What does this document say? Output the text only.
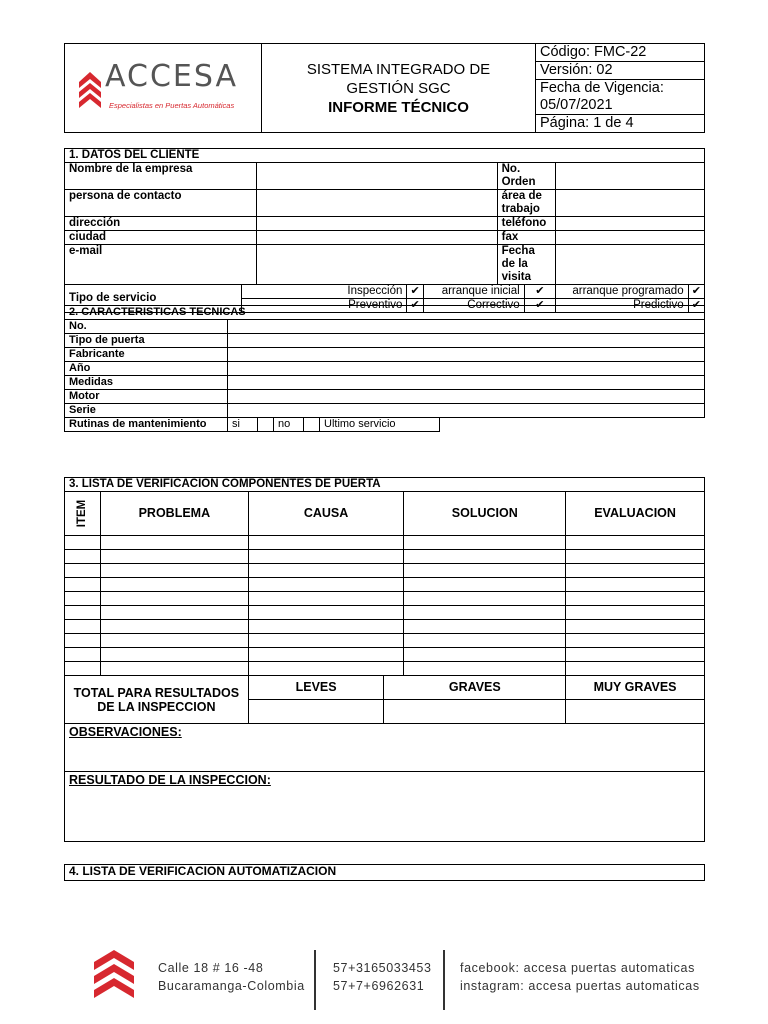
ACCESA
Especialistas en Puertas Automáticas

SISTEMA INTEGRADO DE
GESTIÓN SGC
INFORME TÉCNICO

Código: FMC-22
Versión: 02
Fecha de Vigencia:
05/07/2021
Página: 1 de 4
1. DATOS DEL CLIENTE								
Nombre de la empresa					No. Orden			
persona de contacto					área de trabajo			
dirección					teléfono			
ciudad					fax			
e-mail					Fecha de la visita			
Tipo de servicio	Inspección		✔	arranque inicial		✔	arranque programado	✔
	Preventivo		✔	Correctivo		✔	Predictivo	✔
2. CARACTERISTICAS TECNICAS						
No.						
Tipo de puerta						
Fabricante						
Año						
Medidas						
Motor						
Serie						
Rutinas de mantenimiento	si		no		Ultimo servicio	
3. LISTA DE VERIFICACION COMPONENTES DE PUERTA					

ITEM	PROBLEMA	CAUSA		SOLUCION	EVALUACION

TOTAL PARA RESULTADOS DE LA INSPECCION		LEVES	GRAVES		MUY GRAVES

OBSERVACIONES:					
RESULTADO DE LA INSPECCION:					
4. LISTA DE VERIFICACION AUTOMATIZACION
Calle 18 # 16 -48
Bucaramanga-Colombia
57+3165033453
57+7+6962631
facebook: accesa puertas automaticas
instagram: accesa puertas automaticas
